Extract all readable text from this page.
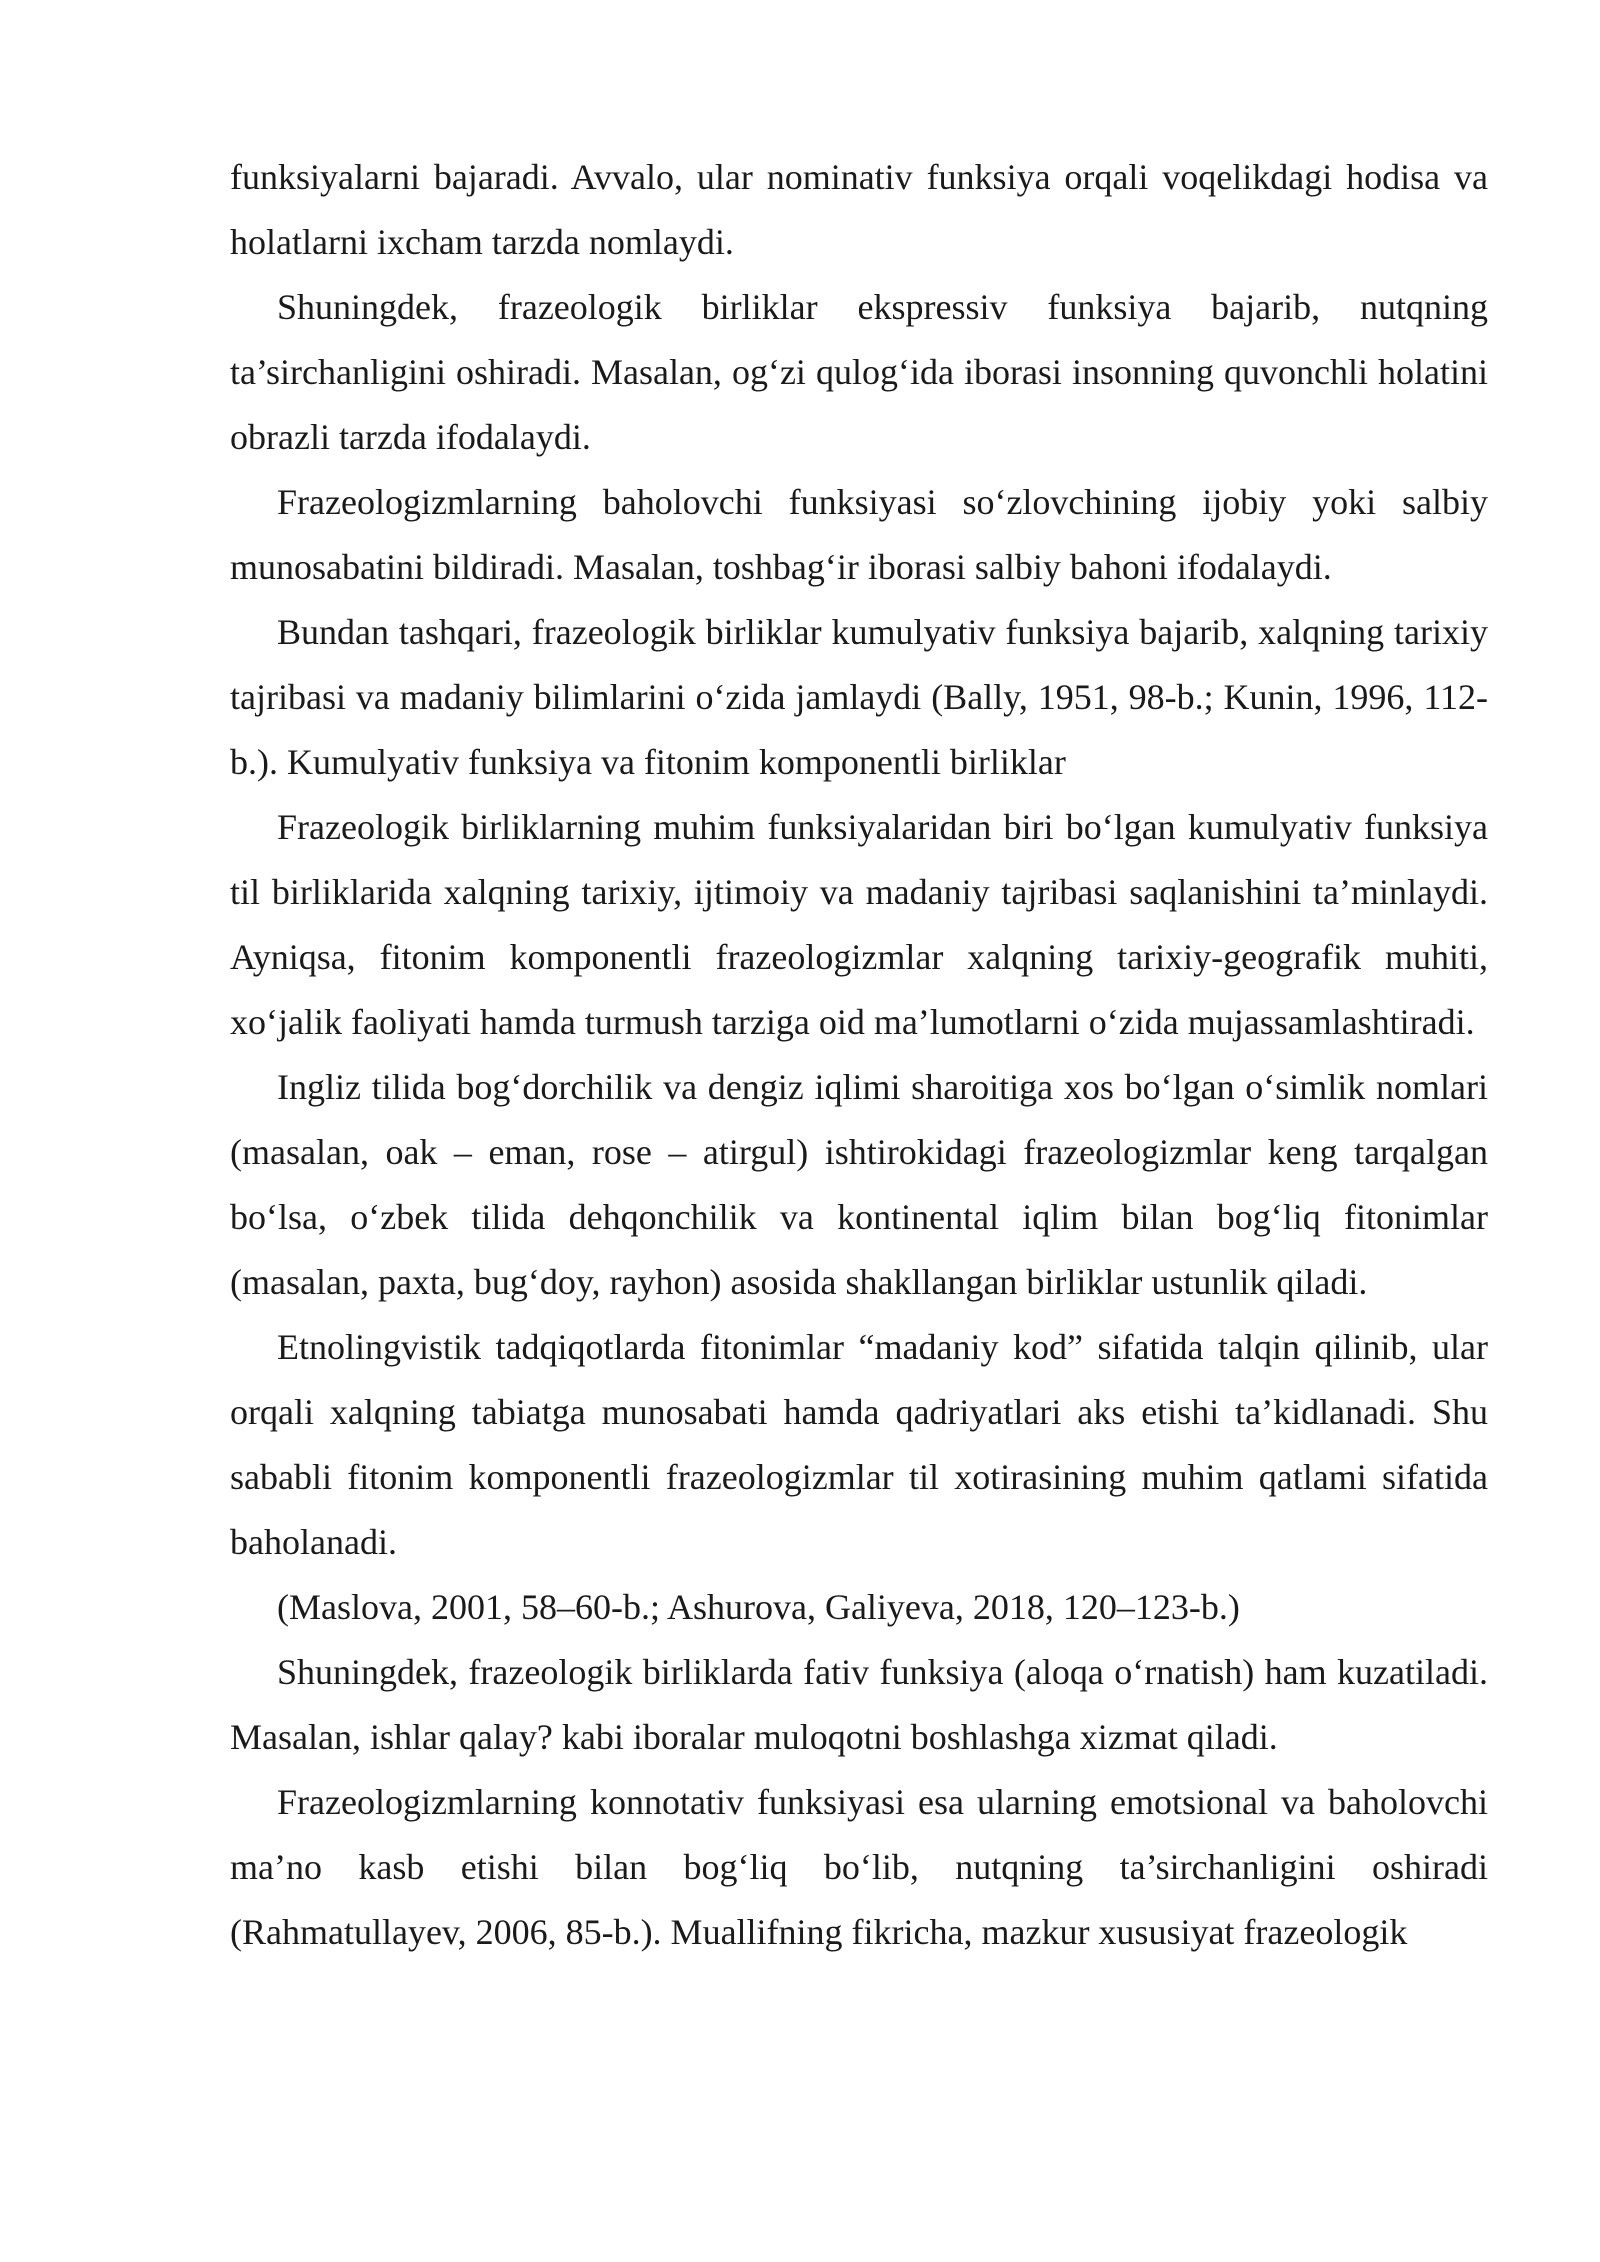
funksiyalarni bajaradi. Avvalo, ular nominativ funksiya orqali voqelikdagi hodisa va holatlarni ixcham tarzda nomlaydi.

Shuningdek, frazeologik birliklar ekspressiv funksiya bajarib, nutqning ta’sirchanligini oshiradi. Masalan, og‘zi qulog‘ida iborasi insonning quvonchli holatini obrazli tarzda ifodalaydi.

Frazeologizmlarning baholovchi funksiyasi so‘zlovchining ijobiy yoki salbiy munosabatini bildiradi. Masalan, toshbag‘ir iborasi salbiy bahoni ifodalaydi.

Bundan tashqari, frazeologik birliklar kumulyativ funksiya bajarib, xalqning tarixiy tajribasi va madaniy bilimlarini o‘zida jamlaydi (Bally, 1951, 98-b.; Kunin, 1996, 112-b.). Kumulyativ funksiya va fitonim komponentli birliklar

Frazeologik birliklarning muhim funksiyalaridan biri bo‘lgan kumulyativ funksiya til birliklarida xalqning tarixiy, ijtimoiy va madaniy tajribasi saqlanishini ta’minlaydi. Ayniqsa, fitonim komponentli frazeologizmlar xalqning tarixiy-geografik muhiti, xo‘jalik faoliyati hamda turmush tarziga oid ma’lumotlarni o‘zida mujassamlashtiradi.

Ingliz tilida bog‘dorchilik va dengiz iqlimi sharoitiga xos bo‘lgan o‘simlik nomlari (masalan, oak – eman, rose – atirgul) ishtirokidagi frazeologizmlar keng tarqalgan bo‘lsa, o‘zbek tilida dehqonchilik va kontinental iqlim bilan bog‘liq fitonimlar (masalan, paxta, bug‘doy, rayhon) asosida shakllangan birliklar ustunlik qiladi.

Etnolingvistik tadqiqotlarda fitonimlar “madaniy kod” sifatida talqin qilinib, ular orqali xalqning tabiatga munosabati hamda qadriyatlari aks etishi ta’kidlanadi. Shu sababli fitonim komponentli frazeologizmlar til xotirasining muhim qatlami sifatida baholanadi.

(Maslova, 2001, 58–60-b.; Ashurova, Galiyeva, 2018, 120–123-b.)

Shuningdek, frazeologik birliklarda fativ funksiya (aloqa o‘rnatish) ham kuzatiladi. Masalan, ishlar qalay? kabi iboralar muloqotni boshlashga xizmat qiladi.

Frazeologizmlarning konnotativ funksiyasi esa ularning emotsional va baholovchi ma’no kasb etishi bilan bog‘liq bo‘lib, nutqning ta’sirchanligini oshiradi (Rahmatullayev, 2006, 85-b.). Muallifning fikricha, mazkur xususiyat frazeologik
